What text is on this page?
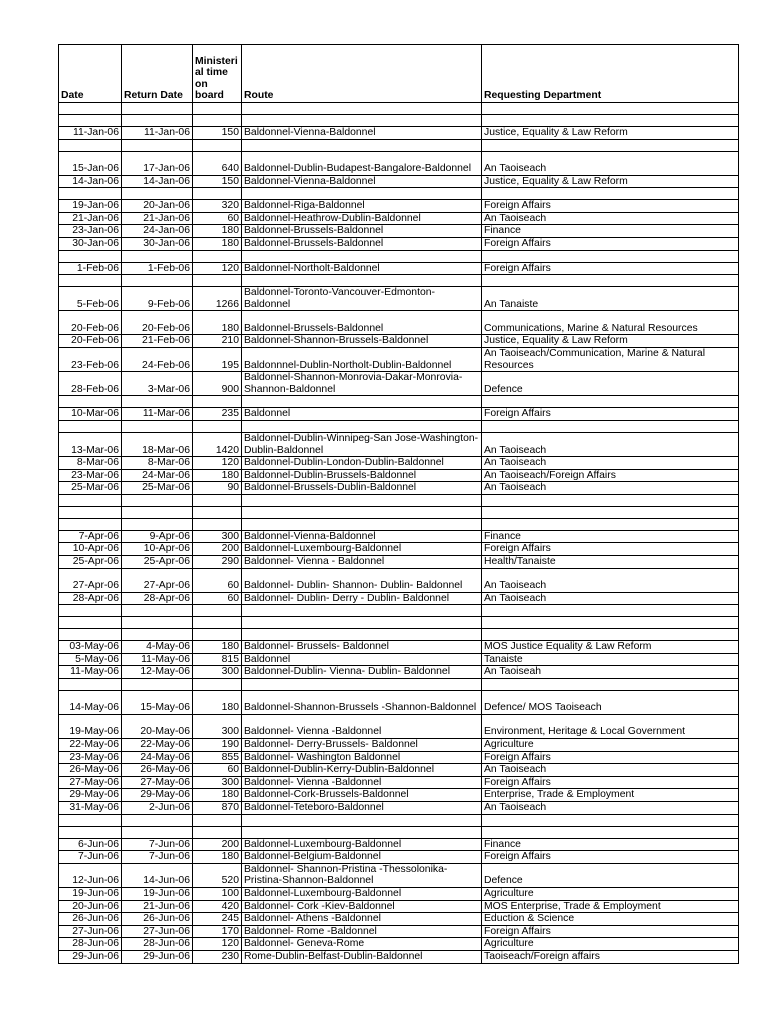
Date	Return Date	Ministeri al time on board	Route	Requesting Department

11-Jan-06	11-Jan-06	150	Baldonnel-Vienna-Baldonnel	Justice, Equality & Law Reform

15-Jan-06	17-Jan-06	640	Baldonnel-Dublin-Budapest-Bangalore-Baldonnel	An Taoiseach
14-Jan-06	14-Jan-06	150	Baldonnel-Vienna-Baldonnel	Justice, Equality & Law Reform

19-Jan-06	20-Jan-06	320	Baldonnel-Riga-Baldonnel	Foreign Affairs
21-Jan-06	21-Jan-06	60	Baldonnel-Heathrow-Dublin-Baldonnel	An Taoiseach
23-Jan-06	24-Jan-06	180	Baldonnel-Brussels-Baldonnel	Finance
30-Jan-06	30-Jan-06	180	Baldonnel-Brussels-Baldonnel	Foreign Affairs

1-Feb-06	1-Feb-06	120	Baldonnel-Northolt-Baldonnel	Foreign Affairs

5-Feb-06	9-Feb-06	1266	Baldonnel-Toronto-Vancouver-Edmonton-Baldonnel	An Tanaiste
20-Feb-06	20-Feb-06	180	Baldonnel-Brussels-Baldonnel	Communications, Marine & Natural Resources
20-Feb-06	21-Feb-06	210	Baldonnel-Shannon-Brussels-Baldonnel	Justice, Equality & Law Reform
23-Feb-06	24-Feb-06	195	Baldonnnel-Dublin-Northolt-Dublin-Baldonnel	An Taoiseach/Communication, Marine & Natural Resources
28-Feb-06	3-Mar-06	900	Baldonnel-Shannon-Monrovia-Dakar-Monrovia-Shannon-Baldonnel	Defence

10-Mar-06	11-Mar-06	235	Baldonnel	Foreign Affairs

13-Mar-06	18-Mar-06	1420	Baldonnel-Dublin-Winnipeg-San Jose-Washington-Dublin-Baldonnel	An Taoiseach
8-Mar-06	8-Mar-06	120	Baldonnel-Dublin-London-Dublin-Baldonnel	An Taoiseach
23-Mar-06	24-Mar-06	180	Baldonnel-Dublin-Brussels-Baldonnel	An Taoiseach/Foreign Affairs
25-Mar-06	25-Mar-06	90	Baldonnel-Brussels-Dublin-Baldonnel	An Taoiseach

7-Apr-06	9-Apr-06	300	Baldonnel-Vienna-Baldonnel	Finance
10-Apr-06	10-Apr-06	200	Baldonnel-Luxembourg-Baldonnel	Foreign Affairs
25-Apr-06	25-Apr-06	290	Baldonnel- Vienna - Baldonnel	Health/Tanaiste
27-Apr-06	27-Apr-06	60	Baldonnel- Dublin- Shannon- Dublin- Baldonnel	An Taoiseach
28-Apr-06	28-Apr-06	60	Baldonnel- Dublin- Derry - Dublin- Baldonnel	An Taoiseach

03-May-06	4-May-06	180	Baldonnel- Brussels- Baldonnel	MOS Justice Equality & Law Reform
5-May-06	11-May-06	815	Baldonnel	Tanaiste
11-May-06	12-May-06	300	Baldonnel-Dublin- Vienna- Dublin- Baldonnel	An Taoiseah

14-May-06	15-May-06	180	Baldonnel-Shannon-Brussels -Shannon-Baldonnel	Defence/ MOS Taoiseach
19-May-06	20-May-06	300	Baldonnel- Vienna -Baldonnel	Environment, Heritage & Local Government
22-May-06	22-May-06	190	Baldonnel- Derry-Brussels- Baldonnel	Agriculture
23-May-06	24-May-06	855	Baldonnel- Washington Baldonnel	Foreign Affairs
26-May-06	26-May-06	60	Baldonnel-Dublin-Kerry-Dublin-Baldonnel	An Taoiseach
27-May-06	27-May-06	300	Baldonnel- Vienna -Baldonnel	Foreign Affairs
29-May-06	29-May-06	180	Baldonnel-Cork-Brussels-Baldonnel	Enterprise, Trade & Employment
31-May-06	2-Jun-06	870	Baldonnel-Teteboro-Baldonnel	An Taoiseach

6-Jun-06	7-Jun-06	200	Baldonnel-Luxembourg-Baldonnel	Finance
7-Jun-06	7-Jun-06	180	Baldonnel-Belgium-Baldonnel	Foreign Affairs
12-Jun-06	14-Jun-06	520	Baldonnel- Shannon-Pristina -Thessolonika-Pristina-Shannon-Baldonnel	Defence
19-Jun-06	19-Jun-06	100	Baldonnel-Luxembourg-Baldonnel	Agriculture
20-Jun-06	21-Jun-06	420	Baldonnel- Cork -Kiev-Baldonnel	MOS Enterprise, Trade & Employment
26-Jun-06	26-Jun-06	245	Baldonnel- Athens -Baldonnel	Eduction & Science
27-Jun-06	27-Jun-06	170	Baldonnel- Rome -Baldonnel	Foreign Affairs
28-Jun-06	28-Jun-06	120	Baldonnel- Geneva-Rome	Agriculture
29-Jun-06	29-Jun-06	230	Rome-Dublin-Belfast-Dublin-Baldonnel	Taoiseach/Foreign affairs
